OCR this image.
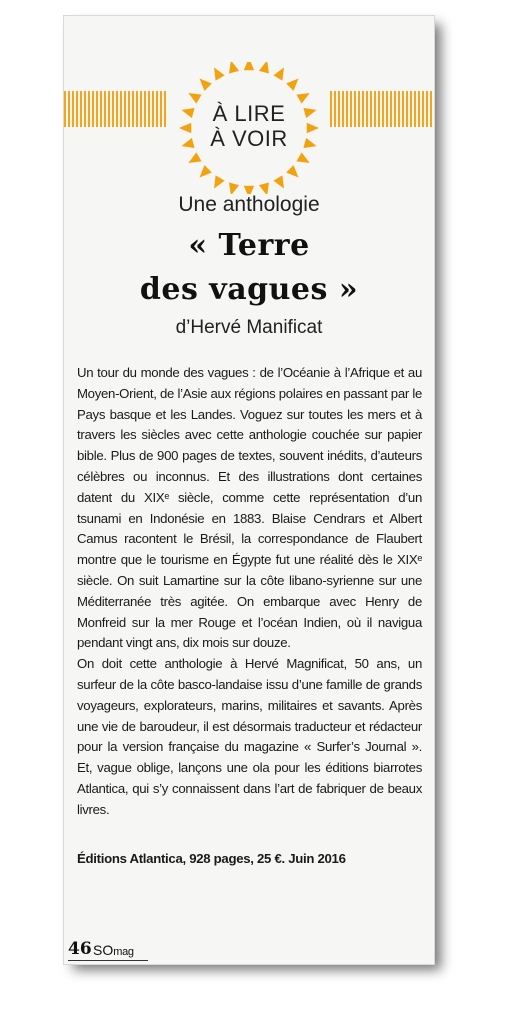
À LIRE
À VOIR
Une anthologie
« Terre
des vagues »
d’Hervé Manificat

Un tour du monde des vagues : de l’Océanie à l’Afrique et au Moyen-Orient, de l’Asie aux régions polaires en passant par le Pays basque et les Landes. Voguez sur toutes les mers et à travers les siècles avec cette anthologie couchée sur papier bible. Plus de 900 pages de textes, souvent inédits, d’auteurs célèbres ou inconnus. Et des illustrations dont certaines datent du XIXᵉ siècle, comme cette représentation d’un tsunami en Indonésie en 1883. Blaise Cendrars et Albert Camus racontent le Brésil, la correspondance de Flaubert montre que le tourisme en Égypte fut une réalité dès le XIXᵉ siècle. On suit Lamartine sur la côte libano-syrienne sur une Méditerranée très agitée. On embarque avec Henry de Monfreid sur la mer Rouge et l’océan Indien, où il navigua pendant vingt ans, dix mois sur douze.

On doit cette anthologie à Hervé Magnificat, 50 ans, un surfeur de la côte basco-landaise issu d’une famille de grands voyageurs, explorateurs, marins, militaires et savants. Après une vie de baroudeur, il est désormais traducteur et rédacteur pour la version française du magazine « Surfer’s Journal ». Et, vague oblige, lançons une ola pour les éditions biarrotes Atlantica, qui s’y connaissent dans l’art de fabriquer de beaux livres.

Éditions Atlantica, 928 pages, 25 €. Juin 2016
46 SOmag
